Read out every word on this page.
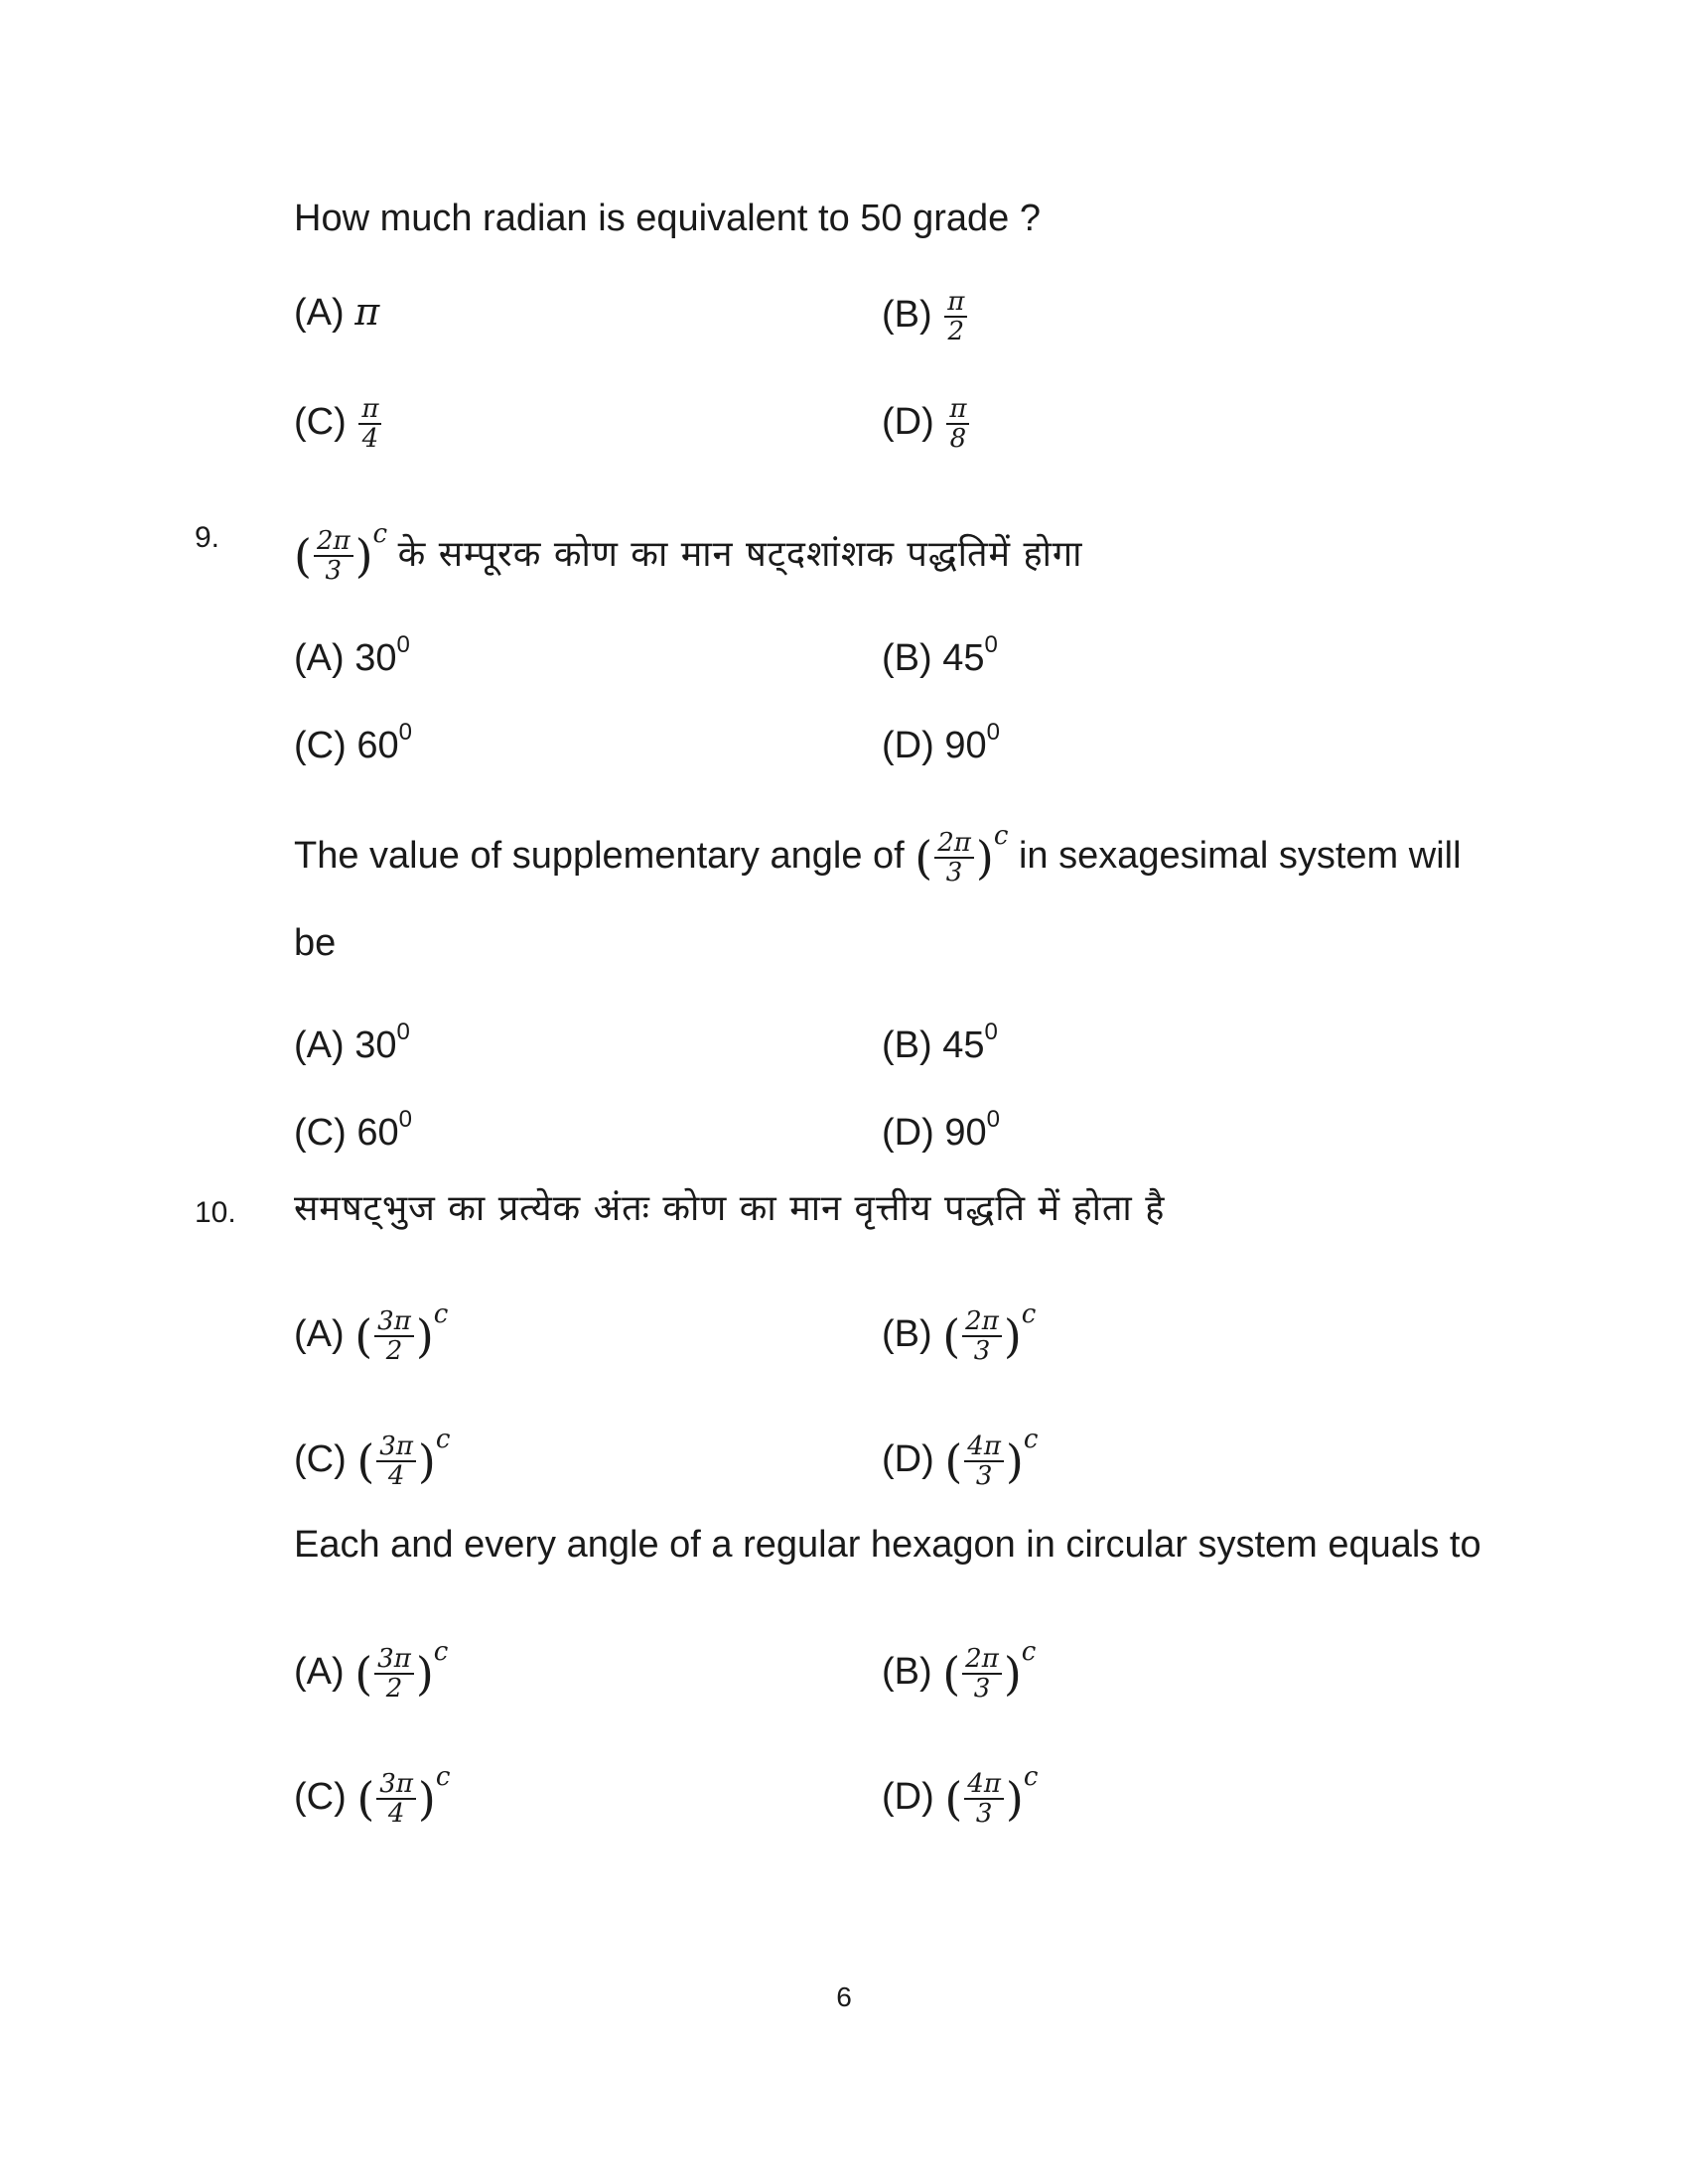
How much radian is equivalent to 50 grade ?
(A) π	$(B) \frac{\pi}{2}$
$(C) \frac{\pi}{4}$	$(D) \frac{\pi}{8}$
9. ( $\frac{2\pi}{3} )^c$ के सम्पूरक कोण का मान षट्दशांशक पद्धतिमें होगा
(A) $30^0$	(B) $45^0$
(C) $60^0$	(D) $90^0$
The value of supplementary angle of ( $\frac{2\pi}{3} )^c$ in sexagesimal system will
be
(A) $30^0$	(B) $45^0$
(C) $60^0$	(D) $90^0$
10. समषट्भुज का प्रत्येक अंतः कोण का मान वृत्तीय पद्धति में होता है
(A) ( $\frac{3\pi}{2} )^c$	(B) ( $\frac{2\pi}{3} )^c$
(C) ( $\frac{3\pi}{4} )^c$	(D) ( $\frac{4\pi}{3} )^c$
Each and every angle of a regular hexagon in circular system equals to
(A) ( $\frac{3\pi}{2} )^c$	(B) ( $\frac{2\pi}{3} )^c$
(C) ( $\frac{3\pi}{4} )^c$	(D) ( $\frac{4\pi}{3} )^c$
6
